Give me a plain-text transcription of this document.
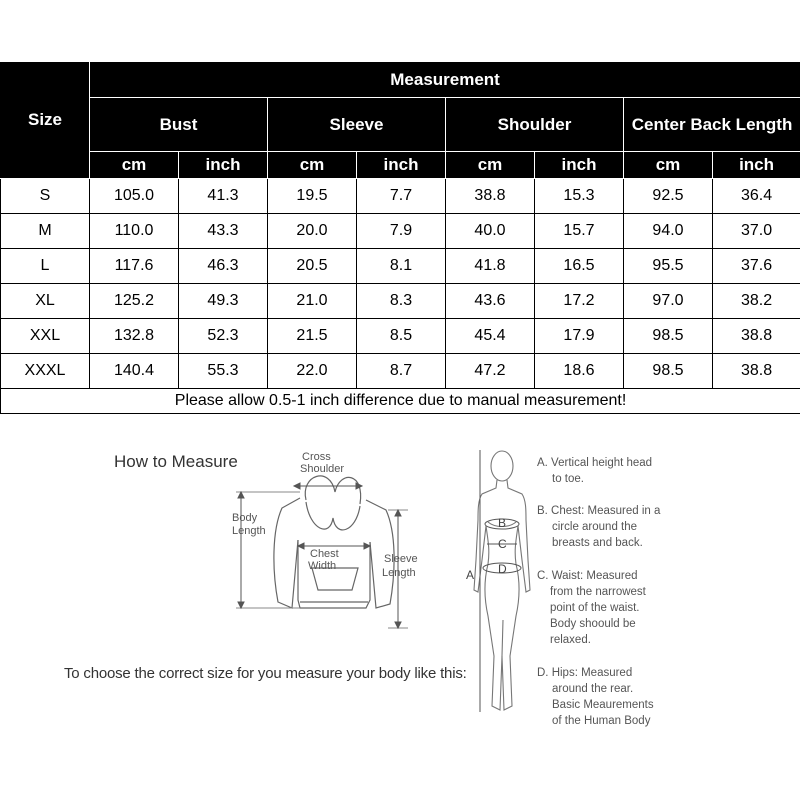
Size	Measurement							
	Bust		Sleeve		Shoulder		Center Back Length	
	cm	inch	cm	inch	cm	inch	cm	inch
S	105.0	41.3	19.5	7.7	38.8	15.3	92.5	36.4
M	110.0	43.3	20.0	7.9	40.0	15.7	94.0	37.0
L	117.6	46.3	20.5	8.1	41.8	16.5	95.5	37.6
XL	125.2	49.3	21.0	8.3	43.6	17.2	97.0	38.2
XXL	132.8	52.3	21.5	8.5	45.4	17.9	98.5	38.8
XXXL	140.4	55.3	22.0	8.7	47.2	18.6	98.5	38.8
Please allow 0.5-1 inch difference due to manual measurement!								
How to Measure
To choose the correct size for you measure your body like this:
Cross
Shoulder
Body
Length
Chest
Width
Sleeve
Length	A
B
C
D
A. Vertical height head
to toe.
B. Chest: Measured in a
circle around the
breasts and back.
C. Waist: Measured
from the narrowest
point of the waist.
Body shoould be
relaxed.
D. Hips: Measured
around the rear.
Basic Meaurements
of the Human Body
